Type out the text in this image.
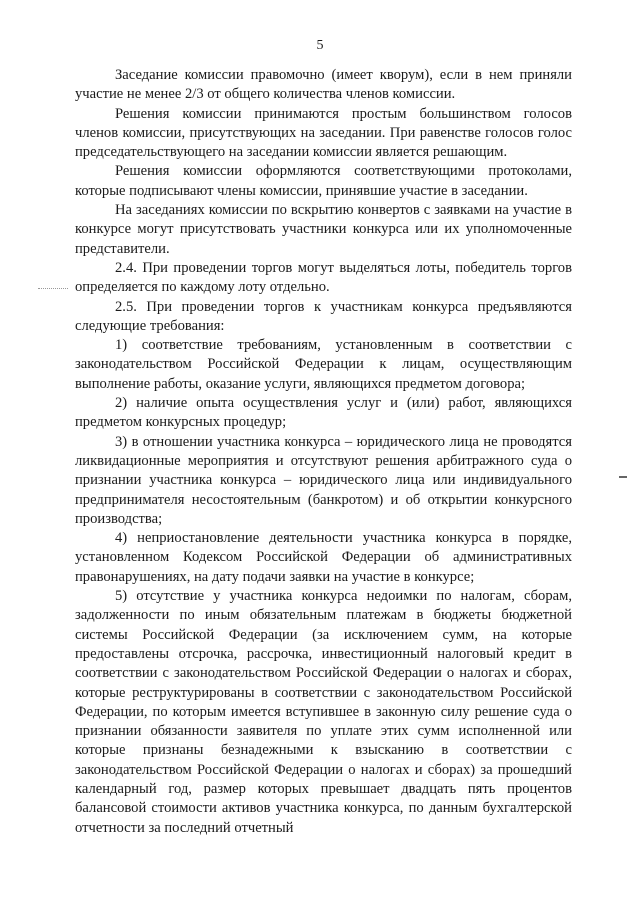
5

Заседание комиссии правомочно (имеет кворум), если в нем приняли участие не менее 2/3 от общего количества членов комиссии.

Решения комиссии принимаются простым большинством голосов членов комиссии, присутствующих на заседании. При равенстве голосов голос председательствующего на заседании комиссии является решающим.

Решения комиссии оформляются соответствующими протоколами, которые подписывают члены комиссии, принявшие участие в заседании.

На заседаниях комиссии по вскрытию конвертов с заявками на участие в конкурсе могут присутствовать участники конкурса или их уполномоченные представители.

2.4. При проведении торгов могут выделяться лоты, победитель торгов определяется по каждому лоту отдельно.

2.5. При проведении торгов к участникам конкурса предъявляются следующие требования:

1) соответствие требованиям, установленным в соответствии с законодательством Российской Федерации к лицам, осуществляющим выполнение работы, оказание услуги, являющихся предметом договора;

2) наличие опыта осуществления услуг и (или) работ, являющихся предметом конкурсных процедур;

3) в отношении участника конкурса – юридического лица не проводятся ликвидационные мероприятия и отсутствуют решения арбитражного суда о признании участника конкурса – юридического лица или индивидуального предпринимателя несостоятельным (банкротом) и об открытии конкурсного производства;

4) неприостановление деятельности участника конкурса в порядке, установленном Кодексом Российской Федерации об административных правонарушениях, на дату подачи заявки на участие в конкурсе;

5) отсутствие у участника конкурса недоимки по налогам, сборам, задолженности по иным обязательным платежам в бюджеты бюджетной системы Российской Федерации (за исключением сумм, на которые предоставлены отсрочка, рассрочка, инвестиционный налоговый кредит в соответствии с законодательством Российской Федерации о налогах и сборах, которые реструктурированы в соответствии с законодательством Российской Федерации, по которым имеется вступившее в законную силу решение суда о признании обязанности заявителя по уплате этих сумм исполненной или которые признаны безнадежными к взысканию в соответствии с законодательством Российской Федерации о налогах и сборах) за прошедший календарный год, размер которых превышает двадцать пять процентов балансовой стоимости активов участника конкурса, по данным бухгалтерской отчетности за последний отчетный
